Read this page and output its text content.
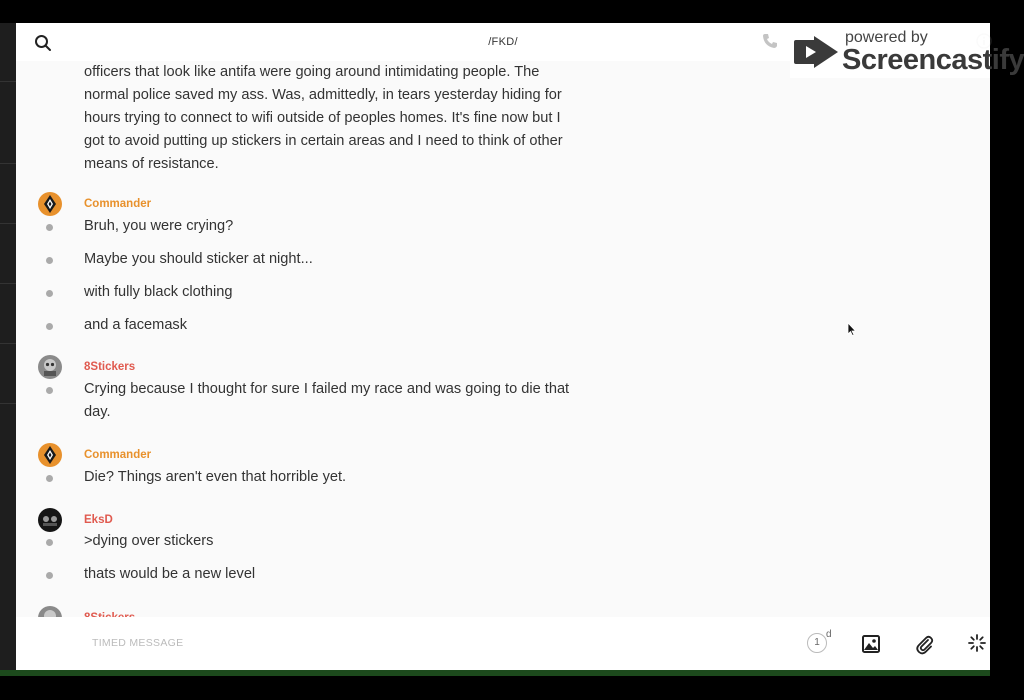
/FKD/
officers that look like antifa were going around intimidating people. The
normal police saved my ass. Was, admittedly, in tears yesterday hiding for
hours trying to connect to wifi outside of peoples homes. It's fine now but I
got to avoid putting up stickers in certain areas and I need to think of other
means of resistance.
Commander
Bruh, you were crying?
Maybe you should sticker at night...
with fully black clothing
and a facemask
8Stickers
Crying because I thought for sure I failed my race and was going to die that
day.
Commander
Die? Things aren't even that horrible yet.
EksD
>dying over stickers
thats would be a new level
TIMED MESSAGE	1
d
powered by
Screencastify
